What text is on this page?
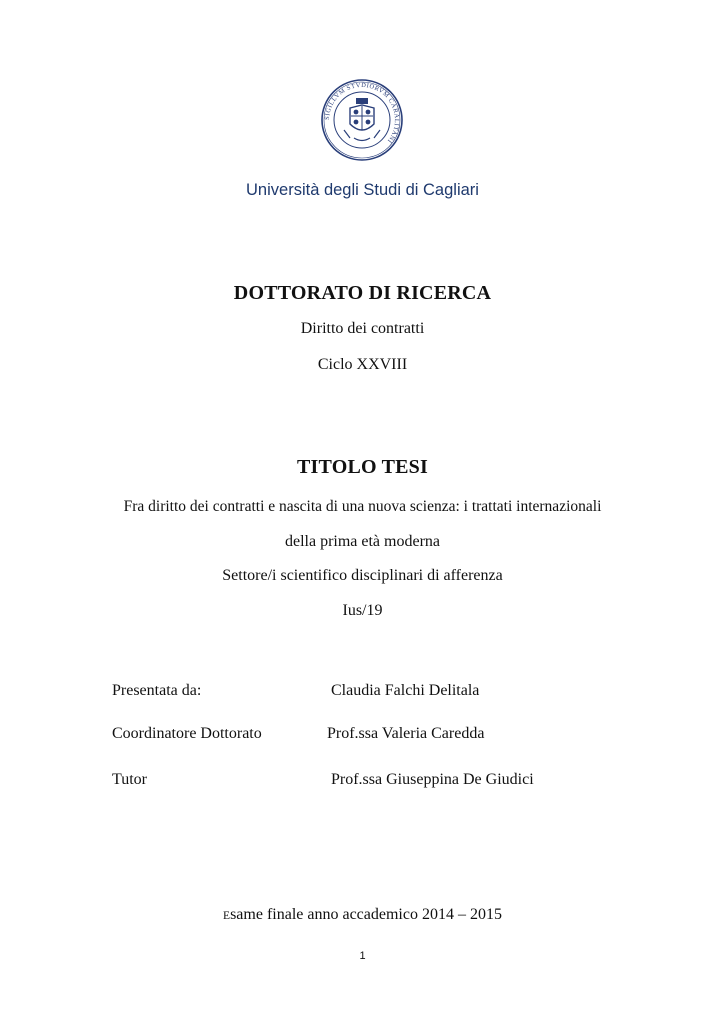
SIGILLVM STVDIORVM CARALITANI
Università degli Studi di Cagliari
DOTTORATO DI RICERCA
Diritto dei contratti
Ciclo XXVIII
TITOLO TESI
Fra diritto dei contratti e nascita di una nuova scienza: i trattati internazionali
della prima età moderna
Settore/i scientifico disciplinari di afferenza
Ius/19
Presentata da:	Claudia Falchi Delitala
Coordinatore Dottorato	Prof.ssa Valeria Caredda
Tutor	Prof.ssa Giuseppina De Giudici
Esame finale anno accademico 2014 – 2015
1
